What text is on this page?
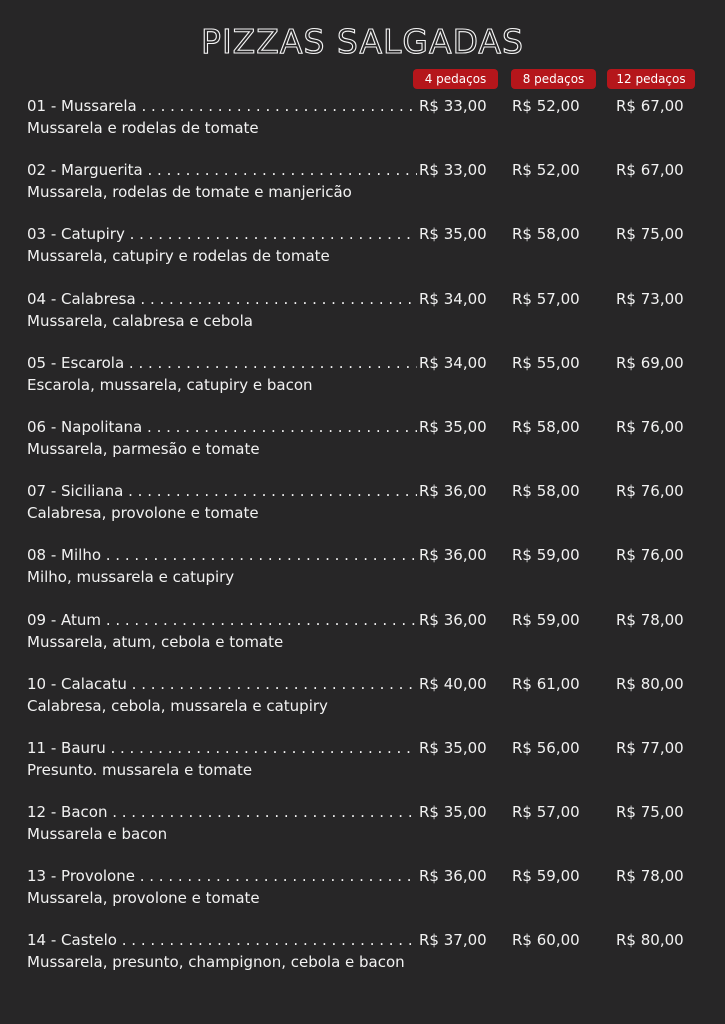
PIZZAS SALGADAS
4 pedaços	8 pedaços	12 pedaços
01 - Mussarela . . .	R$ 33,00 R$ 52,00 R$ 67,00
Mussarela e rodelas de tomate
02 - Marguerita . . .	R$ 33,00 R$ 52,00 R$ 67,00
Mussarela, rodelas de tomate e manjericão
03 - Catupiry . . .	R$ 35,00 R$ 58,00 R$ 75,00
Mussarela, catupiry e rodelas de tomate
04 - Calabresa . . .	R$ 34,00 R$ 57,00 R$ 73,00
Mussarela, calabresa e cebola
05 - Escarola . . .	R$ 34,00 R$ 55,00 R$ 69,00
Escarola, mussarela, catupiry e bacon
06 - Napolitana . . .	R$ 35,00 R$ 58,00 R$ 76,00
Mussarela, parmesão e tomate
07 - Siciliana . . .	R$ 36,00 R$ 58,00 R$ 76,00
Calabresa, provolone e tomate
08 - Milho . . .	R$ 36,00 R$ 59,00 R$ 76,00
Milho, mussarela e catupiry
09 - Atum . . .	R$ 36,00 R$ 59,00 R$ 78,00
Mussarela, atum, cebola e tomate
10 - Calacatu . . .	R$ 40,00 R$ 61,00 R$ 80,00
Calabresa, cebola, mussarela e catupiry
11 - Bauru . . .	R$ 35,00 R$ 56,00 R$ 77,00
Presunto. mussarela e tomate
12 - Bacon . . .	R$ 35,00 R$ 57,00 R$ 75,00
Mussarela e bacon
13 - Provolone . . .	R$ 36,00 R$ 59,00 R$ 78,00
Mussarela, provolone e tomate
14 - Castelo . . .	R$ 37,00 R$ 60,00 R$ 80,00
Mussarela, presunto, champignon, cebola e bacon
